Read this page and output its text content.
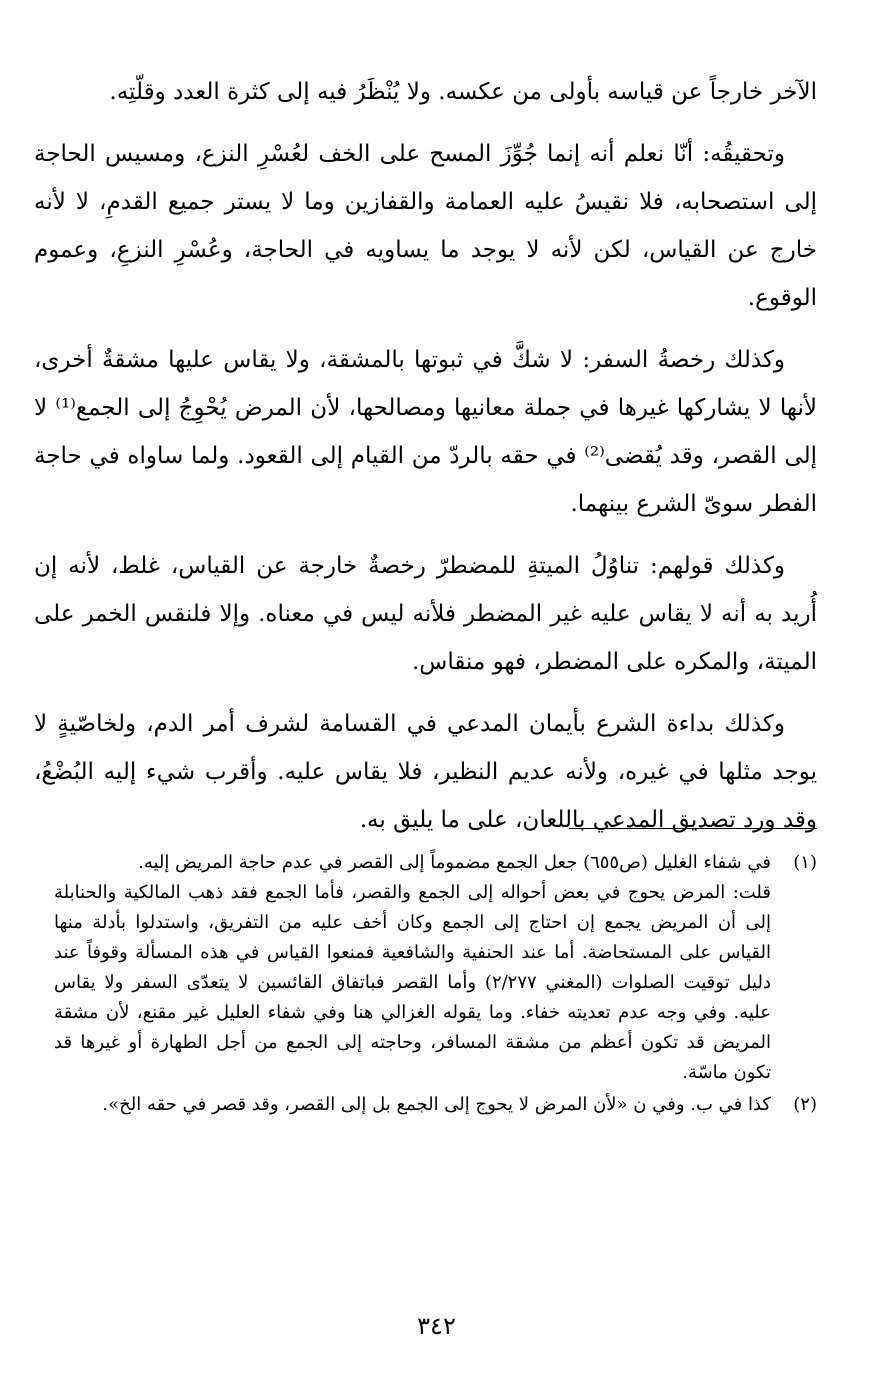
الآخر خارجاً عن قياسه بأولى من عكسه. ولا يُنْظَرُ فيه إلى كثرة العدد وقلّتِه.

وتحقيقُه: أنّا نعلم أنه إنما جُوِّزَ المسح على الخف لعُسْرِ النزع، ومسيس الحاجة إلى استصحابه، فلا نقيسُ عليه العمامة والقفازين وما لا يستر جميع القدمِ، لا لأنه خارج عن القياس، لكن لأنه لا يوجد ما يساويه في الحاجة، وعُسْرِ النزعِ، وعموم الوقوع.

وكذلك رخصةُ السفر: لا شكَّ في ثبوتها بالمشقة، ولا يقاس عليها مشقةٌ أخرى، لأنها لا يشاركها غيرها في جملة معانيها ومصالحها، لأن المرض يُحْوِجُ إلى الجمع⁽¹⁾ لا إلى القصر، وقد يُقضى⁽²⁾ في حقه بالردّ من القيام إلى القعود. ولما ساواه في حاجة الفطر سوىّ الشرع بينهما.

وكذلك قولهم: تناوُلُ الميتةِ للمضطرّ رخصةٌ خارجة عن القياس، غلط، لأنه إن أُريد به أنه لا يقاس عليه غير المضطر فلأنه ليس في معناه. وإلا فلنقس الخمر على الميتة، والمكره على المضطر، فهو منقاس.

وكذلك بداءة الشرع بأيمان المدعي في القسامة لشرف أمر الدم، ولخاصّيةٍ لا يوجد مثلها في غيره، ولأنه عديم النظير، فلا يقاس عليه. وأقرب شيء إليه البُضْعُ، وقد ورد تصديق المدعي باللعان، على ما يليق به.

(١)
في شفاء الغليل (ص٦٥٥) جعل الجمع مضموماً إلى القصر في عدم حاجة المريض إليه.
قلت: المرض يحوج في بعض أحواله إلى الجمع والقصر، فأما الجمع فقد ذهب المالكية والحنابلة إلى أن المريض يجمع إن احتاج إلى الجمع وكان أخف عليه من التفريق، واستدلوا بأدلة منها القياس على المستحاضة. أما عند الحنفية والشافعية فمنعوا القياس في هذه المسألة وقوفاً عند دليل توقيت الصلوات (المغني ٢/٢٧٧) وأما القصر فباتفاق القائسين لا يتعدّى السفر ولا يقاس عليه. وفي وجه عدم تعديته خفاء. وما يقوله الغزالي هنا وفي شفاء العليل غير مقنع، لأن مشقة المريض قد تكون أعظم من مشقة المسافر، وحاجته إلى الجمع من أجل الطهارة أو غيرها قد تكون ماسّة.
(٢)
كذا في ب. وفي ن «لأن المرض لا يحوج إلى الجمع بل إلى القصر، وقد قصر في حقه الخ».
٣٤٢
